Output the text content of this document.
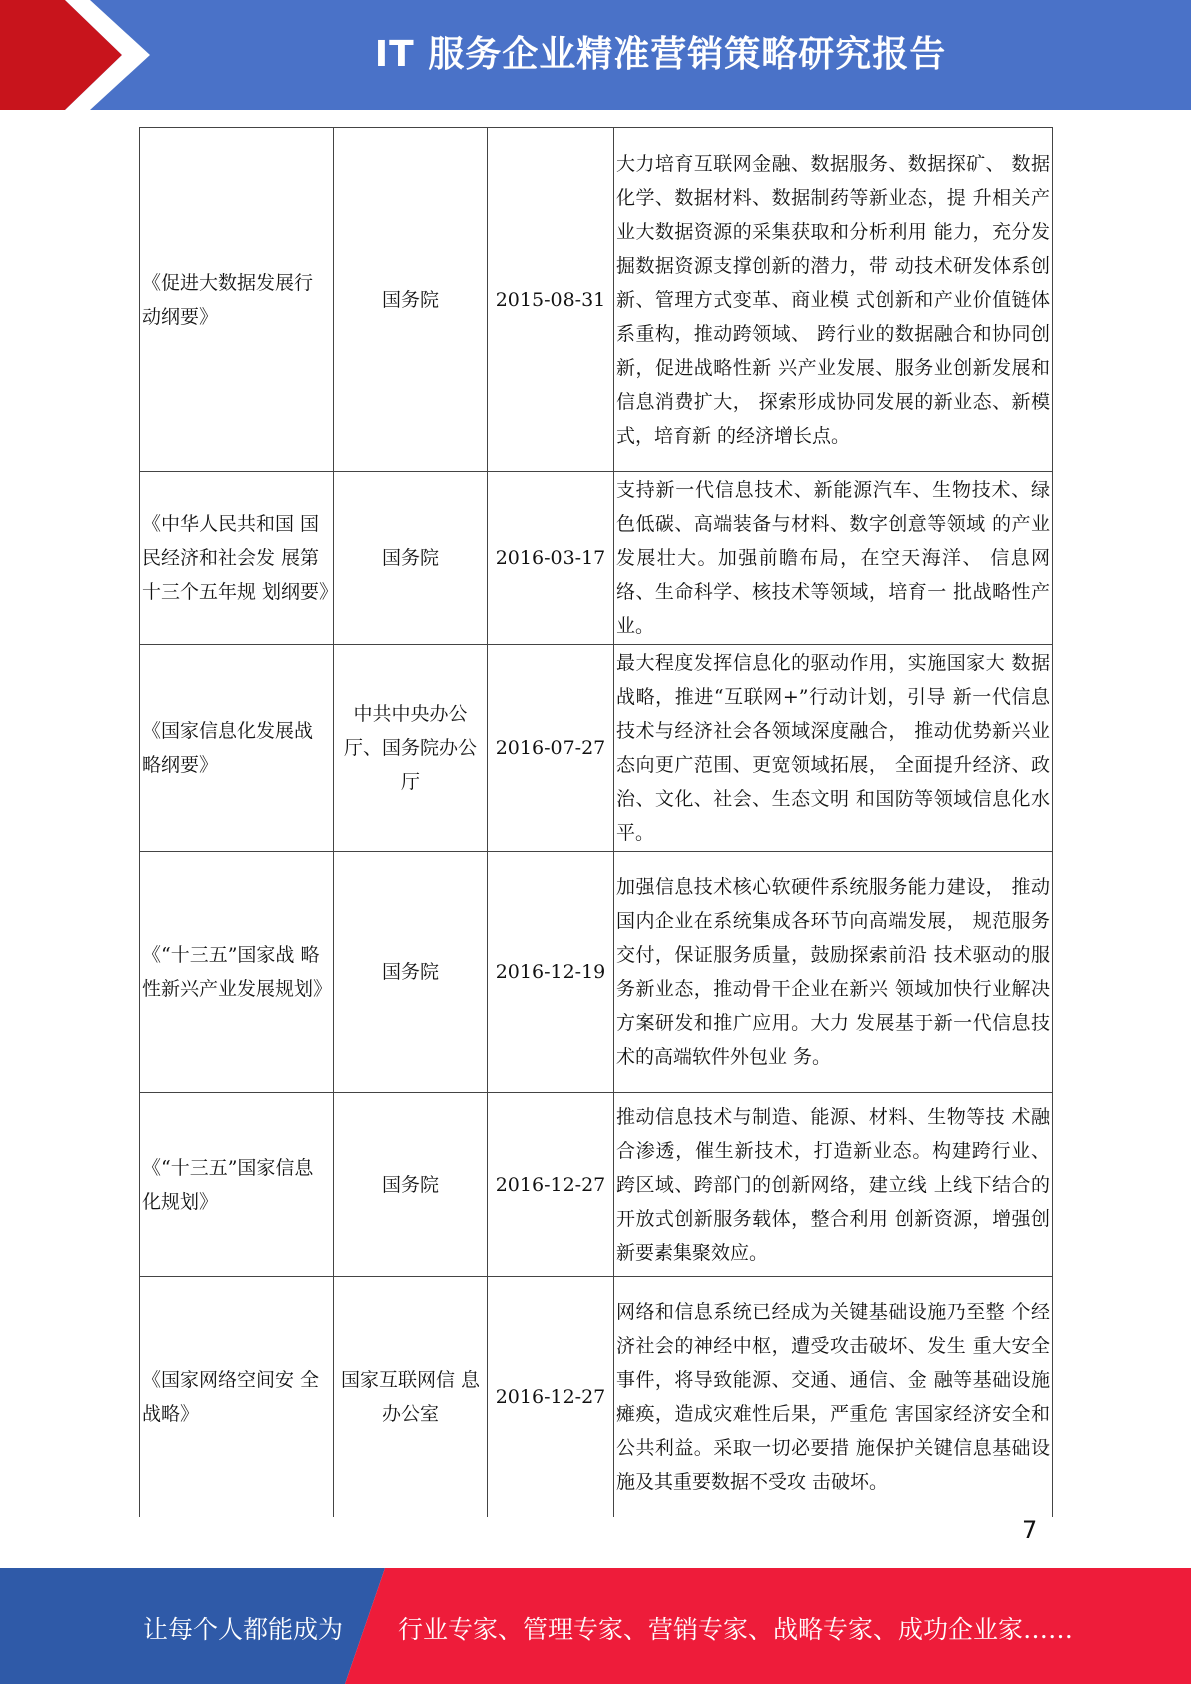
IT 服务企业精准营销策略研究报告
《促进大数据发展行动纲要》	国务院	2015-08-31	大力培育互联网金融、数据服务、数据探矿、 数据化学、数据材料、数据制药等新业态，提 升相关产业大数据资源的采集获取和分析利用 能力，充分发掘数据资源支撑创新的潜力，带 动技术研发体系创新、管理方式变革、商业模 式创新和产业价值链体系重构，推动跨领域、 跨行业的数据融合和协同创新，促进战略性新 兴产业发展、服务业创新发展和信息消费扩大， 探索形成协同发展的新业态、新模式，培育新 的经济增长点。
《中华人民共和国 国民经济和社会发 展第十三个五年规 划纲要》	国务院	2016-03-17	支持新一代信息技术、新能源汽车、生物技术、绿色低碳、高端装备与材料、数字创意等领域 的产业发展壮大。加强前瞻布局，在空天海洋、 信息网络、生命科学、核技术等领域，培育一 批战略性产业。
《国家信息化发展战略纲要》	中共中央办公厅、国务院办公厅	2016-07-27	最大程度发挥信息化的驱动作用，实施国家大 数据战略，推进“互联网+”行动计划，引导 新一代信息技术与经济社会各领域深度融合， 推动优势新兴业态向更广范围、更宽领域拓展， 全面提升经济、政治、文化、社会、生态文明 和国防等领域信息化水平。
《“十三五”国家战 略性新兴产业发展规划》	国务院	2016-12-19	加强信息技术核心软硬件系统服务能力建设， 推动国内企业在系统集成各环节向高端发展， 规范服务交付，保证服务质量，鼓励探索前沿 技术驱动的服务新业态，推动骨干企业在新兴 领域加快行业解决方案研发和推广应用。大力 发展基于新一代信息技术的高端软件外包业 务。
《“十三五”国家信息化规划》	国务院	2016-12-27	推动信息技术与制造、能源、材料、生物等技 术融合渗透，催生新技术，打造新业态。构建跨行业、跨区域、跨部门的创新网络，建立线 上线下结合的开放式创新服务载体，整合利用 创新资源，增强创新要素集聚效应。
《国家网络空间安 全战略》	国家互联网信 息办公室	2016-12-27	网络和信息系统已经成为关键基础设施乃至整 个经济社会的神经中枢，遭受攻击破坏、发生 重大安全事件，将导致能源、交通、通信、金 融等基础设施瘫痪，造成灾难性后果，严重危 害国家经济安全和公共利益。采取一切必要措 施保护关键信息基础设施及其重要数据不受攻 击破坏。
7
让每个人都能成为 行业专家、管理专家、营销专家、战略专家、成功企业家……
